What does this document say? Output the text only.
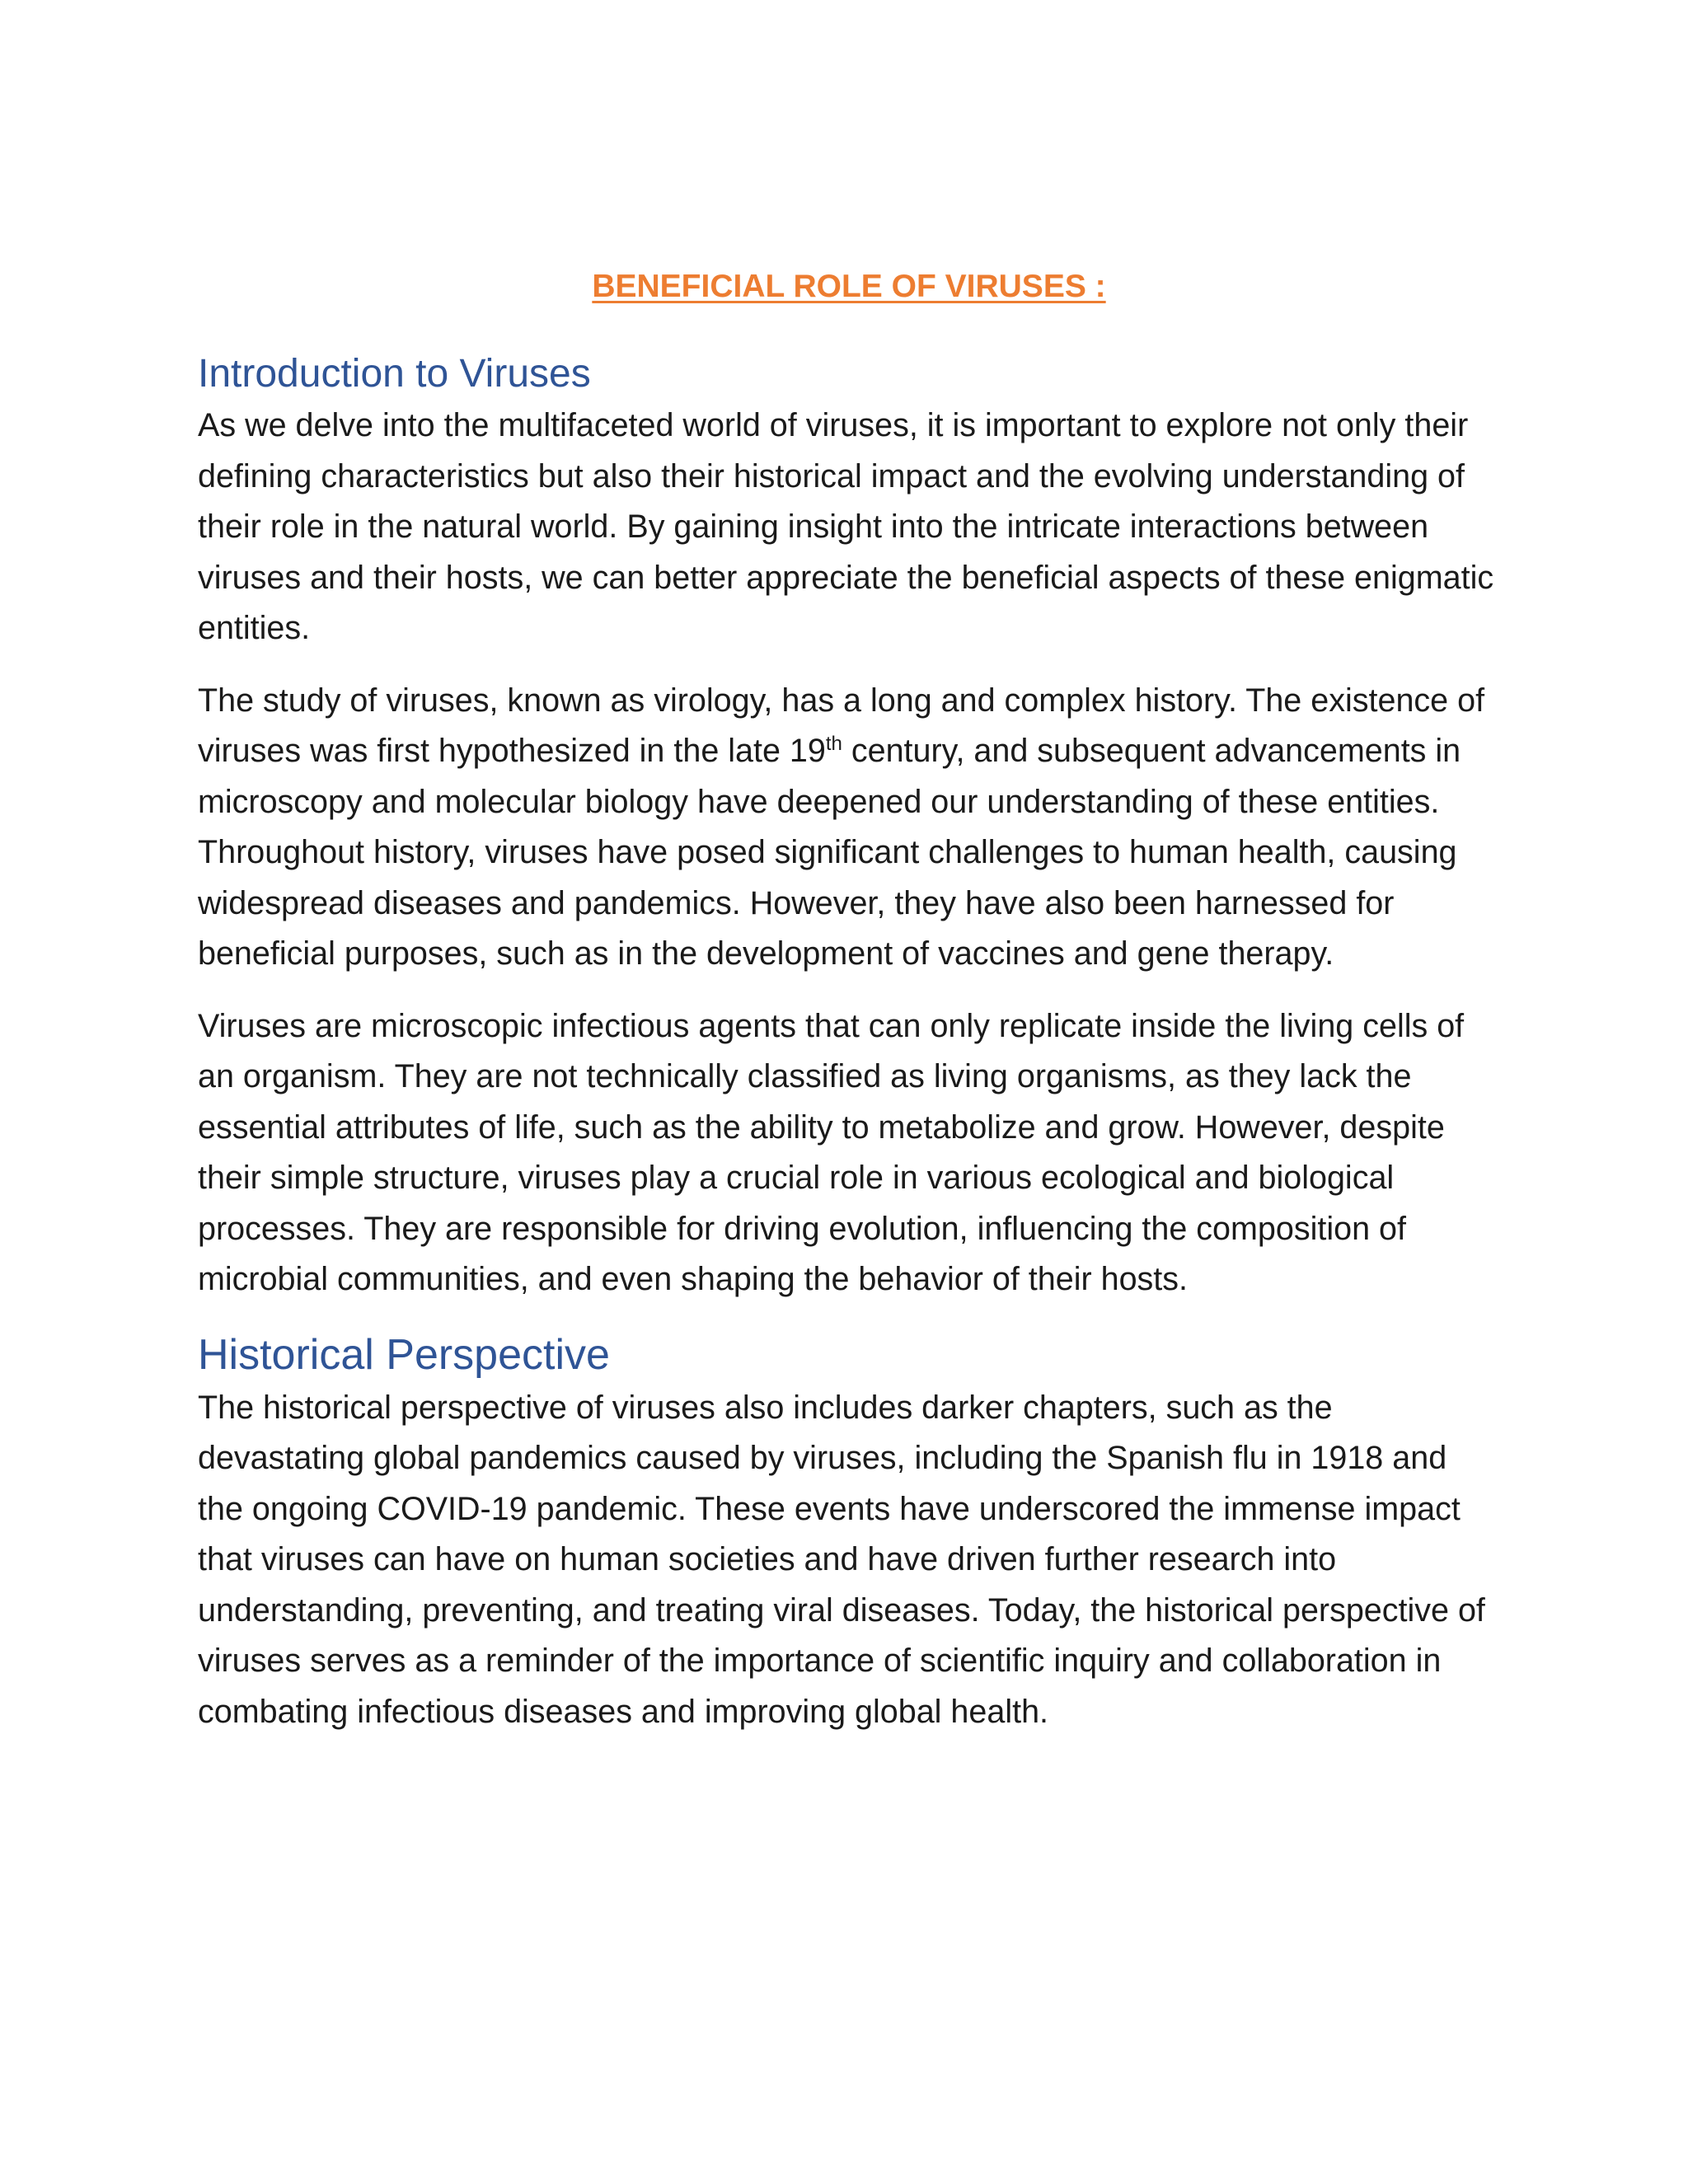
BENEFICIAL ROLE OF VIRUSES :
Introduction to Viruses

As we delve into the multifaceted world of viruses, it is important to explore not only their defining characteristics but also their historical impact and the evolving understanding of their role in the natural world. By gaining insight into the intricate interactions between viruses and their hosts, we can better appreciate the beneficial aspects of these enigmatic entities.

The study of viruses, known as virology, has a long and complex history. The existence of viruses was first hypothesized in the late 19th century, and subsequent advancements in microscopy and molecular biology have deepened our understanding of these entities. Throughout history, viruses have posed significant challenges to human health, causing widespread diseases and pandemics. However, they have also been harnessed for beneficial purposes, such as in the development of vaccines and gene therapy.

Viruses are microscopic infectious agents that can only replicate inside the living cells of an organism. They are not technically classified as living organisms, as they lack the essential attributes of life, such as the ability to metabolize and grow. However, despite their simple structure, viruses play a crucial role in various ecological and biological processes. They are responsible for driving evolution, influencing the composition of microbial communities, and even shaping the behavior of their hosts.

Historical Perspective

The historical perspective of viruses also includes darker chapters, such as the devastating global pandemics caused by viruses, including the Spanish flu in 1918 and the ongoing COVID-19 pandemic. These events have underscored the immense impact that viruses can have on human societies and have driven further research into understanding, preventing, and treating viral diseases. Today, the historical perspective of viruses serves as a reminder of the importance of scientific inquiry and collaboration in combating infectious diseases and improving global health.
